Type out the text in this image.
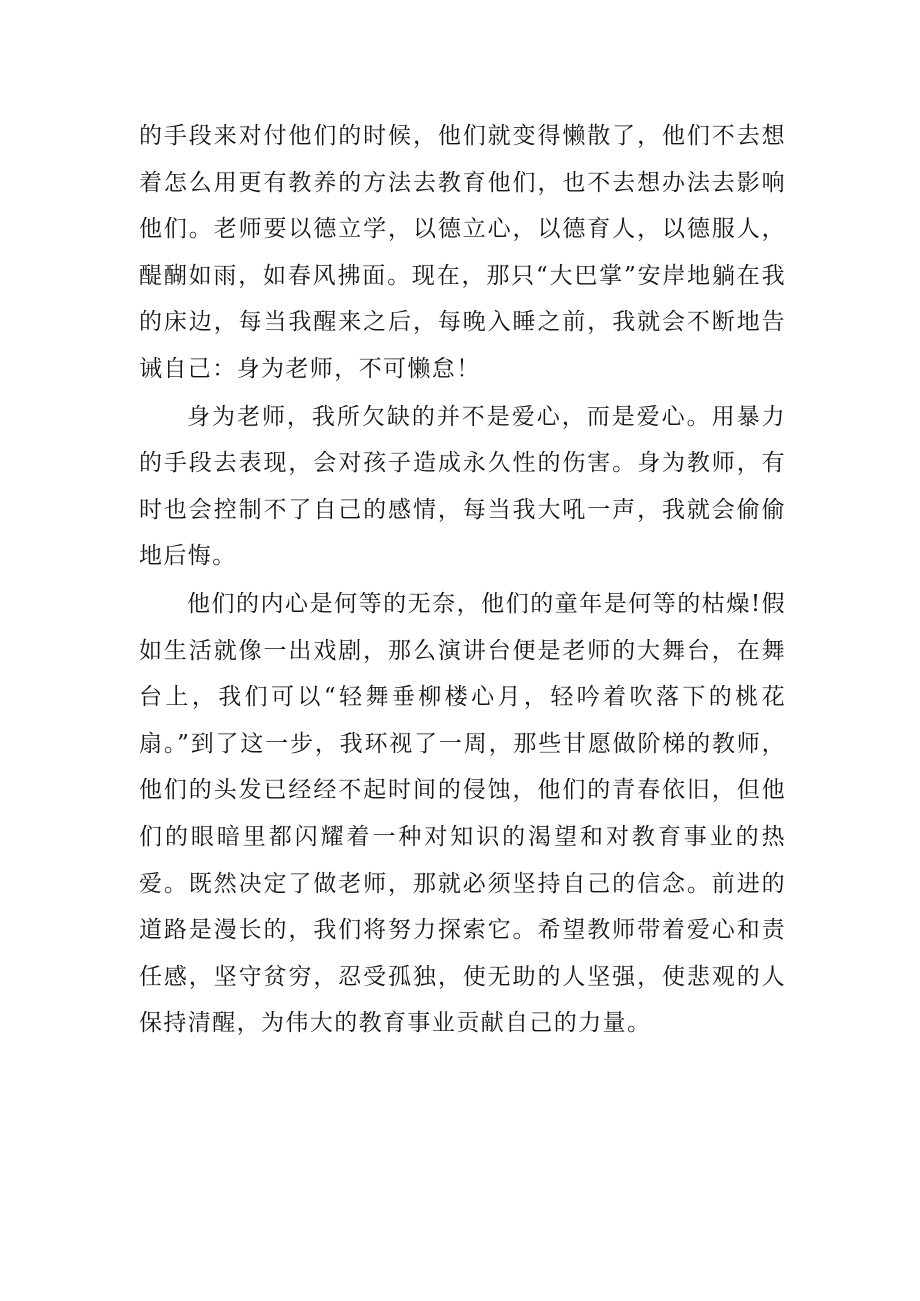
的手段来对付他们的时候，他们就变得懒散了，他们不去想着怎么用更有教养的方法去教育他们，也不去想办法去影响他们。老师要以德立学，以德立心，以德育人，以德服人，醍醐如雨，如春风拂面。现在，那只“大巴掌”安岸地躺在我的床边，每当我醒来之后，每晚入睡之前，我就会不断地告诫自己：身为老师，不可懒怠！

身为老师，我所欠缺的并不是爱心，而是爱心。用暴力的手段去表现，会对孩子造成永久性的伤害。身为教师，有时也会控制不了自己的感情，每当我大吼一声，我就会偷偷地后悔。

他们的内心是何等的无奈，他们的童年是何等的枯燥!假如生活就像一出戏剧，那么演讲台便是老师的大舞台，在舞台上，我们可以“轻舞垂柳楼心月，轻吟着吹落下的桃花扇。”到了这一步，我环视了一周，那些甘愿做阶梯的教师，他们的头发已经经不起时间的侵蚀，他们的青春依旧，但他们的眼暗里都闪耀着一种对知识的渴望和对教育事业的热爱。既然决定了做老师，那就必须坚持自己的信念。前进的道路是漫长的，我们将努力探索它。希望教师带着爱心和责任感，坚守贫穷，忍受孤独，使无助的人坚强，使悲观的人保持清醒，为伟大的教育事业贡献自己的力量。
